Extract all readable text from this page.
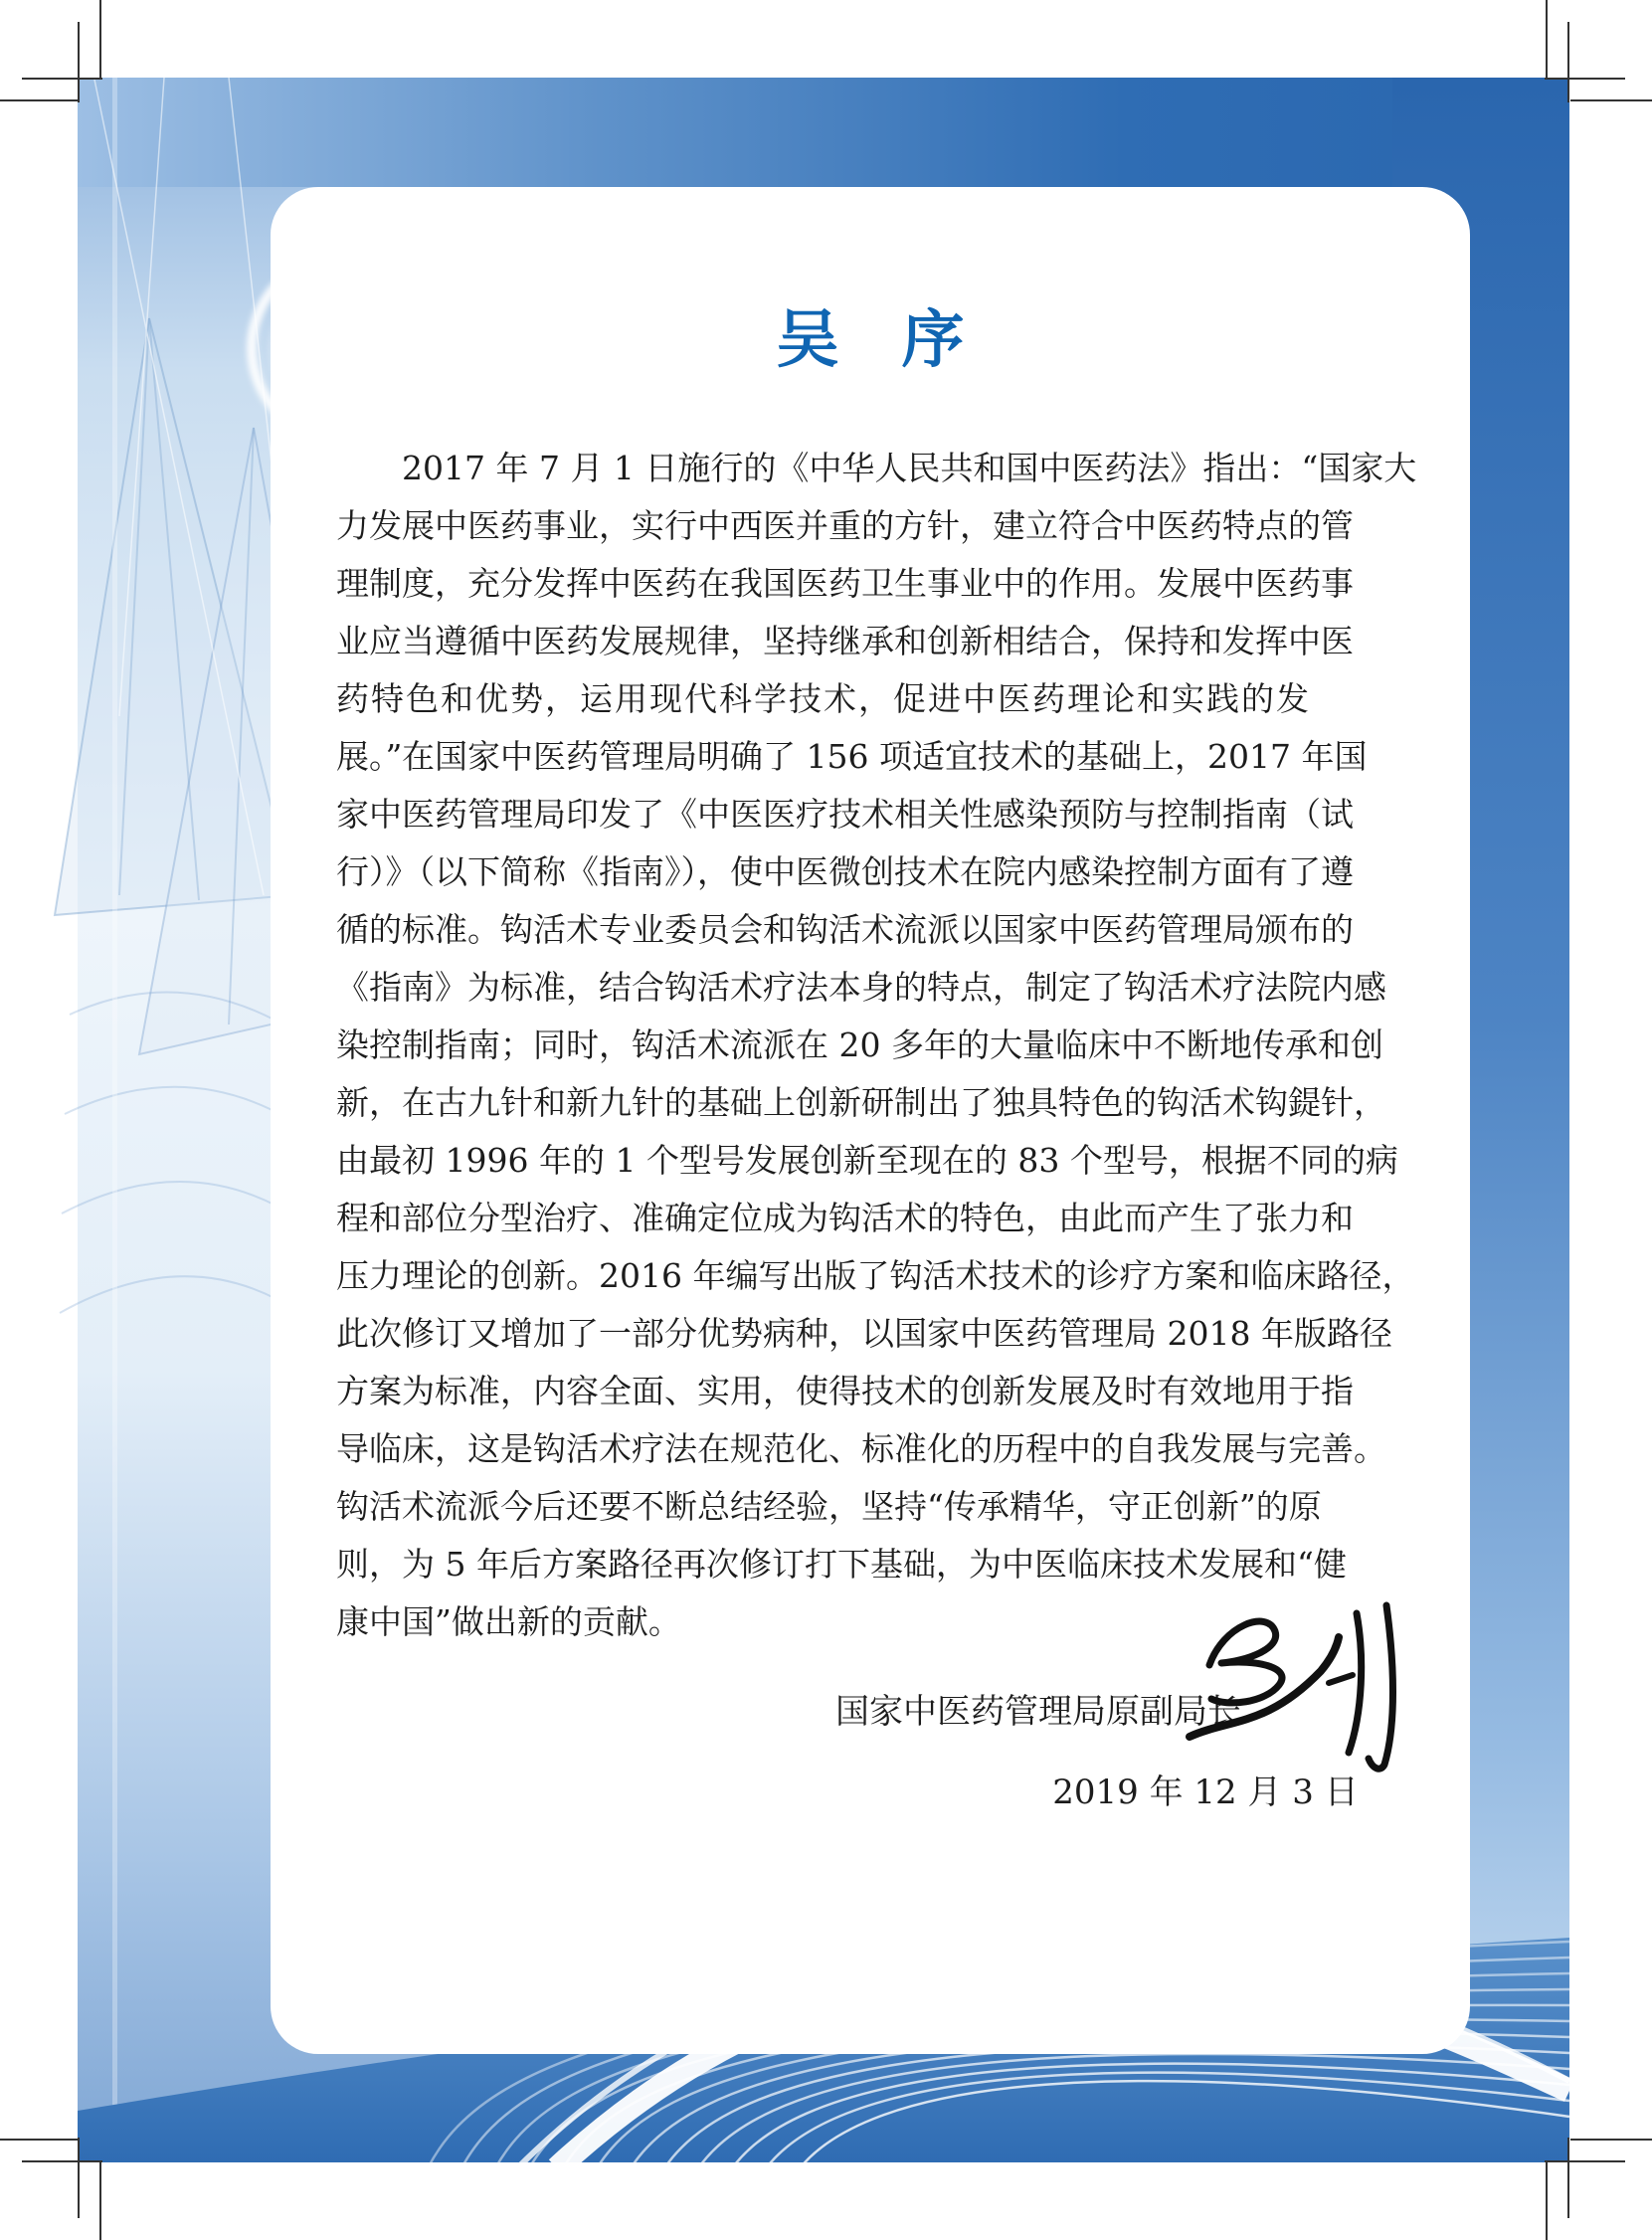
吴　序
2017 年 7 月 1 日施行的《中华人民共和国中医药法》指出：“国家大
力发展中医药事业，实行中西医并重的方针，建立符合中医药特点的管
理制度，充分发挥中医药在我国医药卫生事业中的作用。发展中医药事
业应当遵循中医药发展规律，坚持继承和创新相结合，保持和发挥中医
药特色和优势，运用现代科学技术，促进中医药理论和实践的发展。” 在国家中医药管理局明确了 156 项适宜技术的基础上，2017 年国
家中医药管理局印发了《中医医疗技术相关性感染预防与控制指南（试
行）》（以下简称《指南》），使中医微创技术在院内感染控制方面有了遵
循的标准。钩活术专业委员会和钩活术流派以国家中医药管理局颁布的
《指南》为标准，结合钩活术疗法本身的特点，制定了钩活术疗法院内感
染控制指南；同时，钩活术流派在 20 多年的大量临床中不断地传承和创
新，在古九针和新九针的基础上创新研制出了独具特色的钩活术钩鍉针，
由最初 1996 年的 1 个型号发展创新至现在的 83 个型号，根据不同的病
程和部位分型治疗、准确定位成为钩活术的特色，由此而产生了张力和
压力理论的创新。2016 年编写出版了钩活术技术的诊疗方案和临床路径，
此次修订又增加了一部分优势病种，以国家中医药管理局 2018 年版路径
方案为标准，内容全面、实用，使得技术的创新发展及时有效地用于指
导临床，这是钩活术疗法在规范化、标准化的历程中的自我发展与完善。
钩活术流派今后还要不断总结经验，坚持“传承精华，守正创新”的原
则，为 5 年后方案路径再次修订打下基础，为中医临床技术发展和“健
康中国”做出新的贡献。
国家中医药管理局原副局长
2019 年 12 月 3 日
